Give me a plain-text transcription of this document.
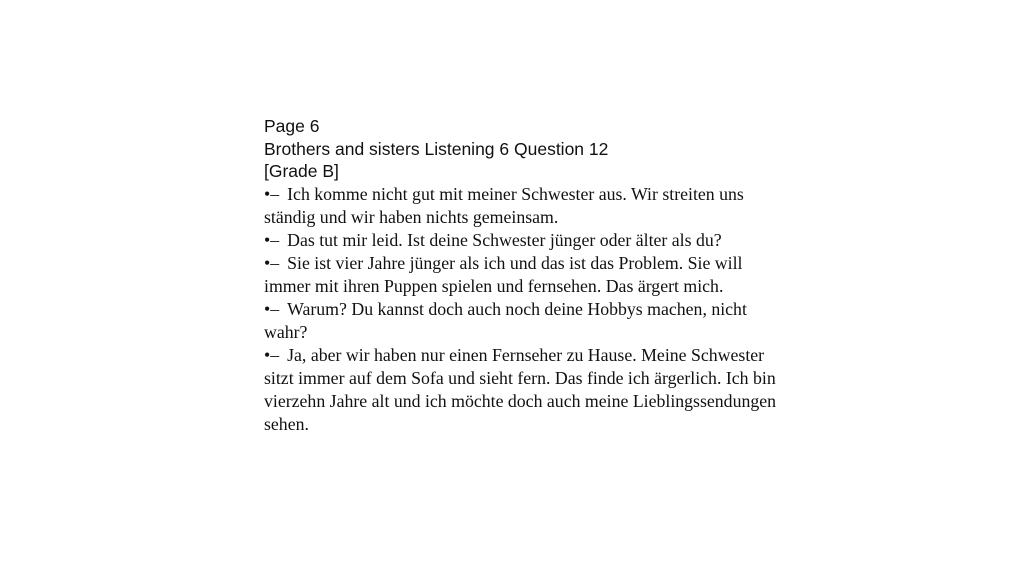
Page 6

Brothers and sisters Listening 6 Question 12

[Grade B]

•– Ich komme nicht gut mit meiner Schwester aus. Wir streiten uns ständig und wir haben nichts gemeinsam.
•– Das tut mir leid. Ist deine Schwester jünger oder älter als du?
•– Sie ist vier Jahre jünger als ich und das ist das Problem. Sie will immer mit ihren Puppen spielen und fernsehen. Das ärgert mich.
•– Warum? Du kannst doch auch noch deine Hobbys machen, nicht wahr?
•– Ja, aber wir haben nur einen Fernseher zu Hause. Meine Schwester sitzt immer auf dem Sofa und sieht fern. Das finde ich ärgerlich. Ich bin vierzehn Jahre alt und ich möchte doch auch meine Lieblingssendungen sehen.
